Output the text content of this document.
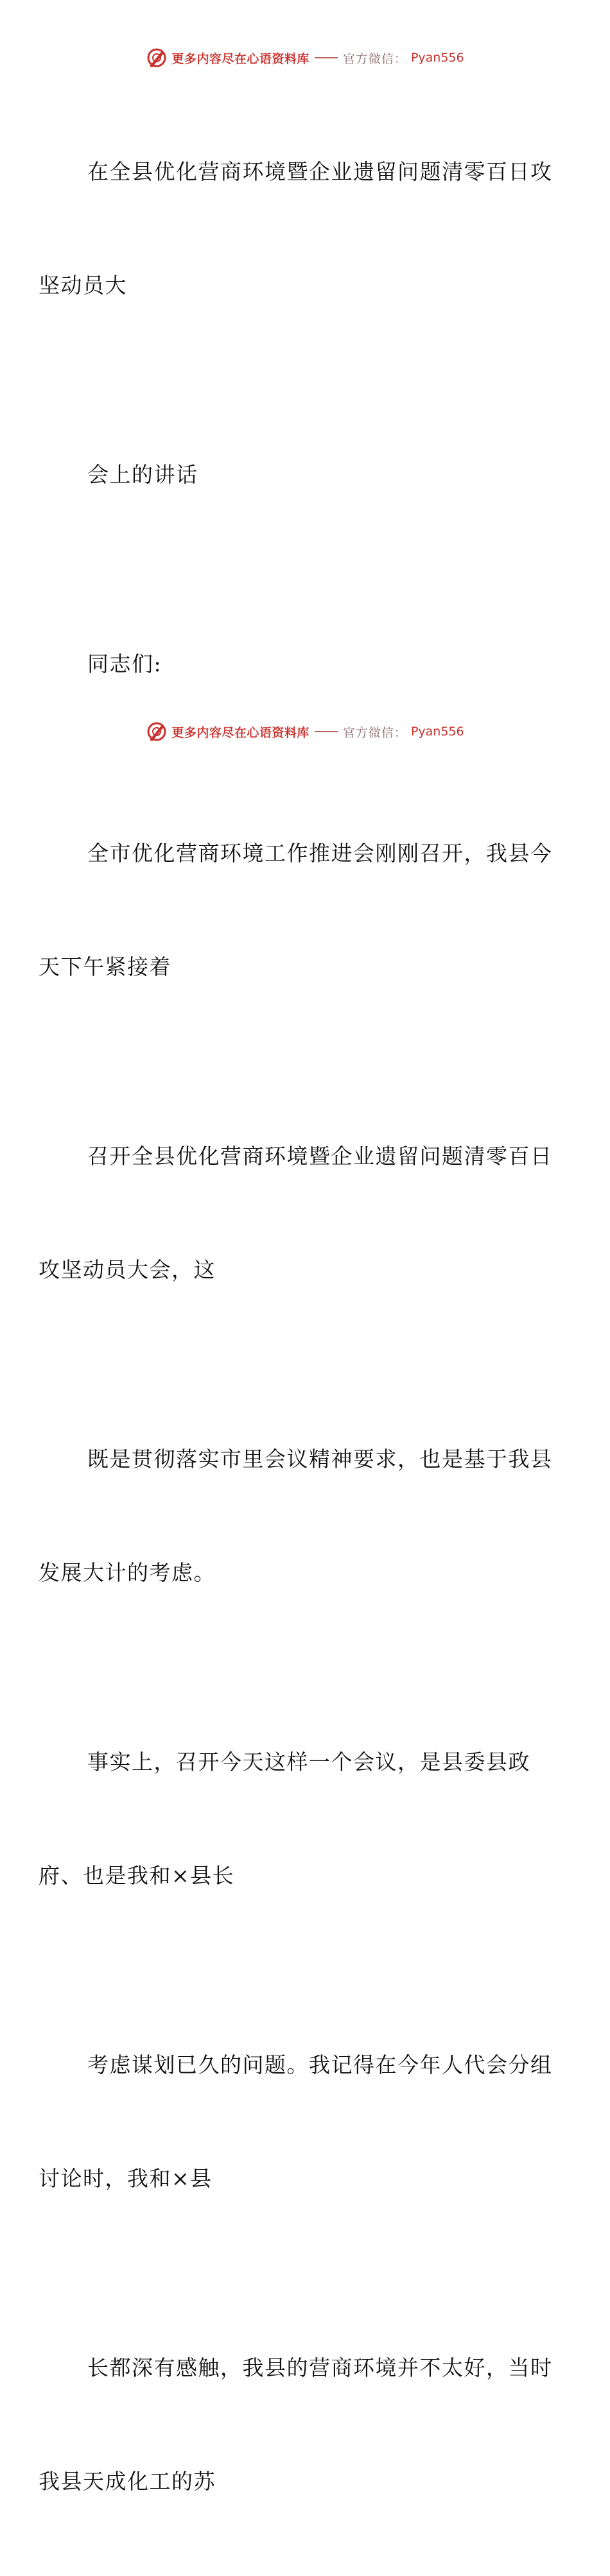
更多内容尽在心语资料库	官方微信： Pyan556

在全县优化营商环境暨企业遗留问题清零百日攻

坚动员大

会上的讲话

同志们:

全市优化营商环境工作推进会刚刚召开，我县今

天下午紧接着

召开全县优化营商环境暨企业遗留问题清零百日

攻坚动员大会，这

既是贯彻落实市里会议精神要求，也是基于我县

发展大计的考虑。

事实上，召开今天这样一个会议，是县委县政

府、也是我和×县长

考虑谋划已久的问题。我记得在今年人代会分组

讨论时，我和×县

长都深有感触，我县的营商环境并不太好，当时

我县天成化工的苏

更多内容尽在心语资料库	官方微信： Pyan556
